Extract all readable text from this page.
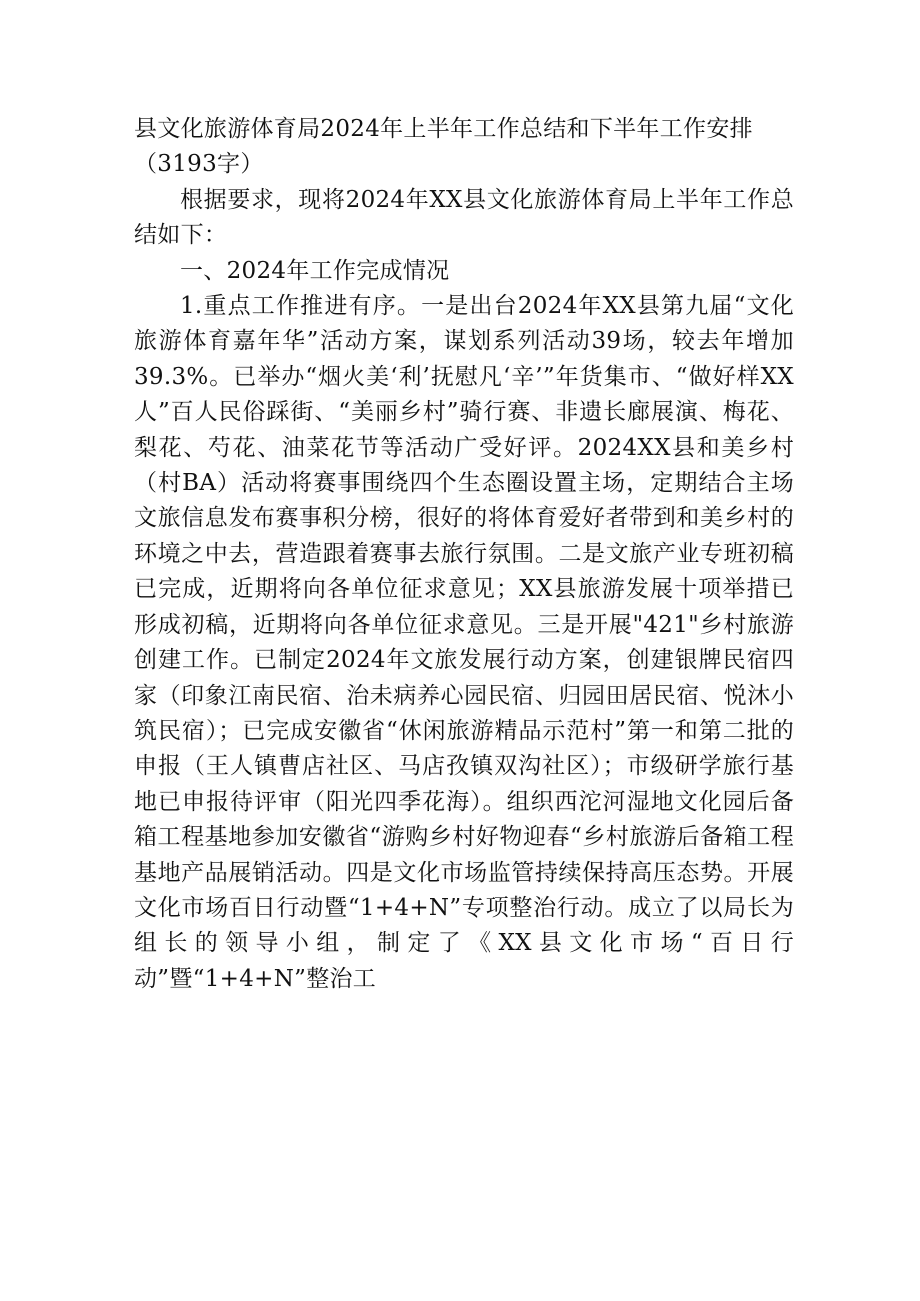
县文化旅游体育局2024年上半年工作总结和下半年工作安排（3193字）

根据要求，现将2024年XX县文化旅游体育局上半年工作总结如下：

一、2024年工作完成情况

1.重点工作推进有序。一是出台2024年XX县第九届“文化旅游体育嘉年华”活动方案，谋划系列活动39场，较去年增加39.3%。已举办“烟火美‘利’抚慰凡‘辛’”年货集市、“做好样XX人”百人民俗踩街、“美丽乡村”骑行赛、非遗长廊展演、梅花、梨花、芍花、油菜花节等活动广受好评。2024XX县和美乡村（村BA）活动将赛事围绕四个生态圈设置主场，定期结合主场文旅信息发布赛事积分榜，很好的将体育爱好者带到和美乡村的环境之中去，营造跟着赛事去旅行氛围。二是文旅产业专班初稿已完成，近期将向各单位征求意见；XX县旅游发展十项举措已形成初稿，近期将向各单位征求意见。三是开展"421"乡村旅游创建工作。已制定2024年文旅发展行动方案，创建银牌民宿四家（印象江南民宿、治未病养心园民宿、归园田居民宿、悦沐小筑民宿）；已完成安徽省“休闲旅游精品示范村”第一和第二批的申报（王人镇曹店社区、马店孜镇双沟社区）；市级研学旅行基地已申报待评审（阳光四季花海）。组织西沱河湿地文化园后备箱工程基地参加安徽省“游购乡村好物迎春“乡村旅游后备箱工程基地产品展销活动。四是文化市场监管持续保持高压态势。开展文化市场百日行动暨“1+4+N”专项整治行动。成立了以局长为组长的领导小组，制定了《XX县文化市场“百日行动”暨“1+4+N”整治工
